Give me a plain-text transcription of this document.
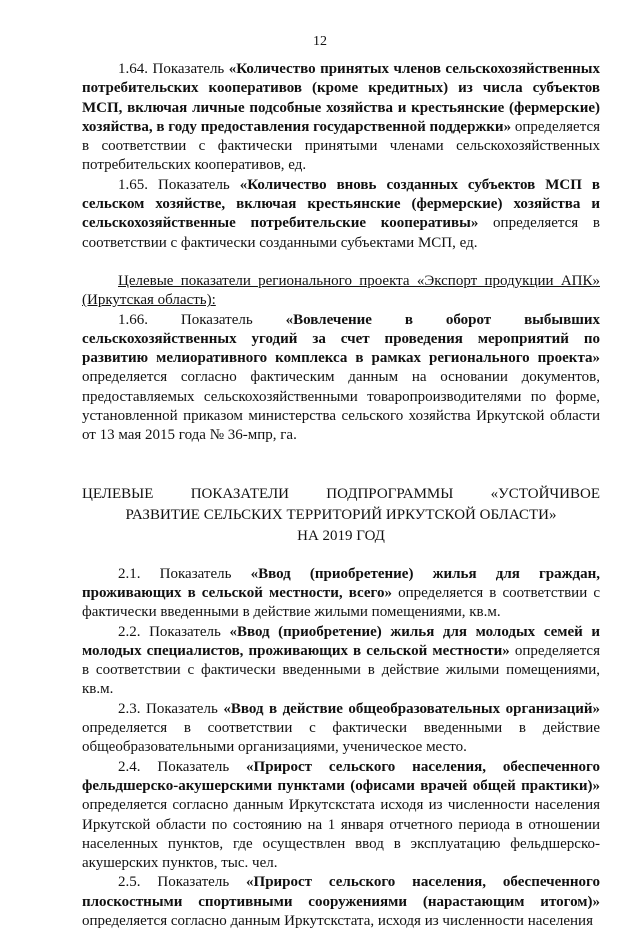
12

1.64. Показатель «Количество принятых членов сельскохозяйственных потребительских кооперативов (кроме кредитных) из числа субъектов МСП, включая личные подсобные хозяйства и крестьянские (фермерские) хозяйства, в году предоставления государственной поддержки» определяется в соответствии с фактически принятыми членами сельскохозяйственных потребительских кооперативов, ед.

1.65. Показатель «Количество вновь созданных субъектов МСП в сельском хозяйстве, включая крестьянские (фермерские) хозяйства и сельскохозяйственные потребительские кооперативы» определяется в соответствии с фактически созданными субъектами МСП, ед.

Целевые показатели регионального проекта «Экспорт продукции АПК» (Иркутская область):

1.66. Показатель «Вовлечение в оборот выбывших сельскохозяйственных угодий за счет проведения мероприятий по развитию мелиоративного комплекса в рамках регионального проекта» определяется согласно фактическим данным на основании документов, предоставляемых сельскохозяйственными товаропроизводителями по форме, установленной приказом министерства сельского хозяйства Иркутской области от 13 мая 2015 года № 36-мпр, га.

ЦЕЛЕВЫЕ ПОКАЗАТЕЛИ ПОДПРОГРАММЫ «УСТОЙЧИВОЕ

РАЗВИТИЕ СЕЛЬСКИХ ТЕРРИТОРИЙ ИРКУТСКОЙ ОБЛАСТИ»

НА 2019 ГОД

2.1. Показатель «Ввод (приобретение) жилья для граждан, проживающих в сельской местности, всего» определяется в соответствии с фактически введенными в действие жилыми помещениями, кв.м.

2.2. Показатель «Ввод (приобретение) жилья для молодых семей и молодых специалистов, проживающих в сельской местности» определяется в соответствии с фактически введенными в действие жилыми помещениями, кв.м.

2.3. Показатель «Ввод в действие общеобразовательных организаций» определяется в соответствии с фактически введенными в действие общеобразовательными организациями, ученическое место.

2.4. Показатель «Прирост сельского населения, обеспеченного фельдшерско-акушерскими пунктами (офисами врачей общей практики)» определяется согласно данным Иркутскстата исходя из численности населения Иркутской области по состоянию на 1 января отчетного периода в отношении населенных пунктов, где осуществлен ввод в эксплуатацию фельдшерско-акушерских пунктов, тыс. чел.

2.5. Показатель «Прирост сельского населения, обеспеченного плоскостными спортивными сооружениями (нарастающим итогом)» определяется согласно данным Иркутскстата, исходя из численности населения
